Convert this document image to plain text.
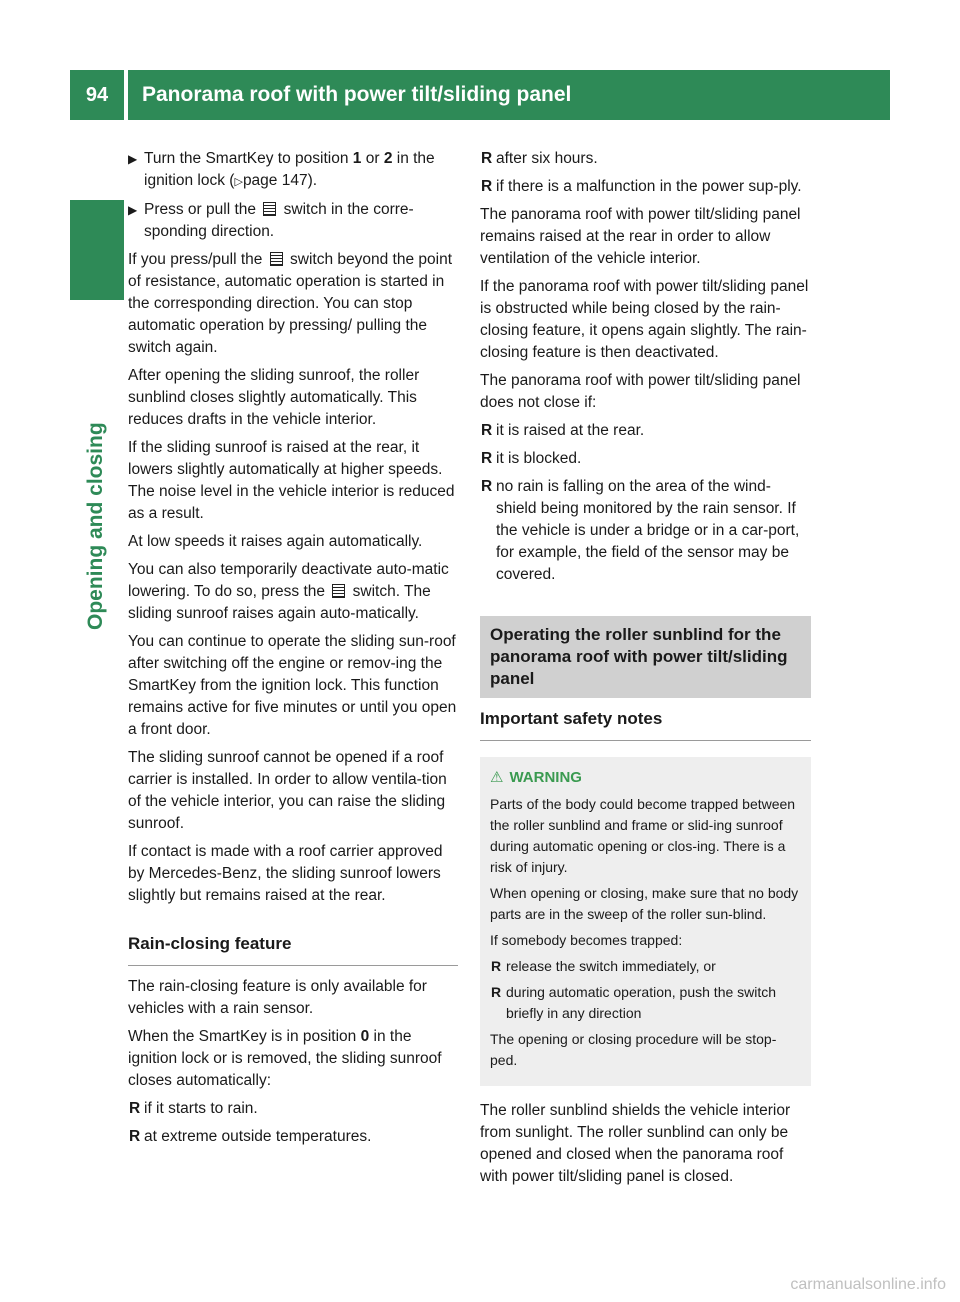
94	Panorama roof with power tilt/sliding panel
Opening and closing
▶ Turn the SmartKey to position 1 or 2 in the ignition lock (▷page 147).
▶ Press or pull the  switch in the corre-sponding direction.

If you press/pull the  switch beyond the point of resistance, automatic operation is started in the corresponding direction. You can stop automatic operation by pressing/ pulling the switch again.

After opening the sliding sunroof, the roller sunblind closes slightly automatically. This reduces drafts in the vehicle interior.

If the sliding sunroof is raised at the rear, it lowers slightly automatically at higher speeds. The noise level in the vehicle interior is reduced as a result.

At low speeds it raises again automatically.

You can also temporarily deactivate auto-matic lowering. To do so, press the  switch. The sliding sunroof raises again auto-matically.

You can continue to operate the sliding sun-roof after switching off the engine or remov-ing the SmartKey from the ignition lock. This function remains active for five minutes or until you open a front door.

The sliding sunroof cannot be opened if a roof carrier is installed. In order to allow ventila-tion of the vehicle interior, you can raise the sliding sunroof.

If contact is made with a roof carrier approved by Mercedes-Benz, the sliding sunroof lowers slightly but remains raised at the rear.

Rain-closing feature

The rain-closing feature is only available for vehicles with a rain sensor.

When the SmartKey is in position 0 in the ignition lock or is removed, the sliding sunroof closes automatically:

R if it starts to rain.
R at extreme outside temperatures.
R after six hours.
R if there is a malfunction in the power sup-ply.

The panorama roof with power tilt/sliding panel remains raised at the rear in order to allow ventilation of the vehicle interior.

If the panorama roof with power tilt/sliding panel is obstructed while being closed by the rain-closing feature, it opens again slightly. The rain-closing feature is then deactivated.

The panorama roof with power tilt/sliding panel does not close if:

R it is raised at the rear.
R it is blocked.
R no rain is falling on the area of the wind-shield being monitored by the rain sensor. If the vehicle is under a bridge or in a car-port, for example, the field of the sensor may be covered.
Operating the roller sunblind for the panorama roof with power tilt/sliding panel
Important safety notes
⚠ WARNING

Parts of the body could become trapped between the roller sunblind and frame or slid-ing sunroof during automatic opening or clos-ing. There is a risk of injury.

When opening or closing, make sure that no body parts are in the sweep of the roller sun-blind.

If somebody becomes trapped:

R release the switch immediately, or
R during automatic operation, push the switch briefly in any direction

The opening or closing procedure will be stop-ped.

The roller sunblind shields the vehicle interior from sunlight. The roller sunblind can only be opened and closed when the panorama roof with power tilt/sliding panel is closed.

carmanualsonline.info
